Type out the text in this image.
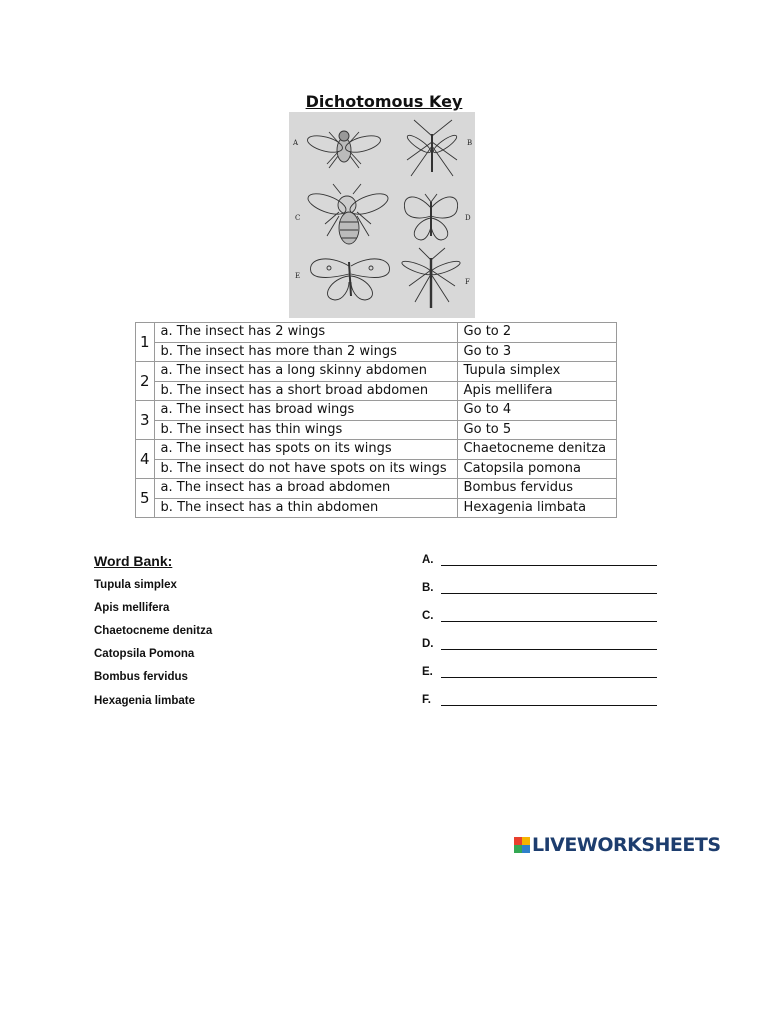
Dichotomous Key
A	B
C	D
E
F
1	a. The insect has 2 wings	Go to 2
	b. The insect has more than 2 wings	Go to 3
2	a. The insect has a long skinny abdomen	Tupula simplex
	b. The insect has a short broad abdomen	Apis mellifera
3	a. The insect has broad wings	Go to 4
	b. The insect has thin wings	Go to 5
4	a. The insect has spots on its wings	Chaetocneme denitza
	b. The insect do not have spots on its wings	Catopsila pomona
5	a. The insect has a broad abdomen	Bombus fervidus
	b. The insect has a thin abdomen	Hexagenia limbata
Word Bank:
Tupula simplex
Apis mellifera
Chaetocneme denitza
Catopsila Pomona
Bombus fervidus
Hexagenia limbate
A.
B.
C.
D.
E.
F.
LIVEWORKSHEETS
